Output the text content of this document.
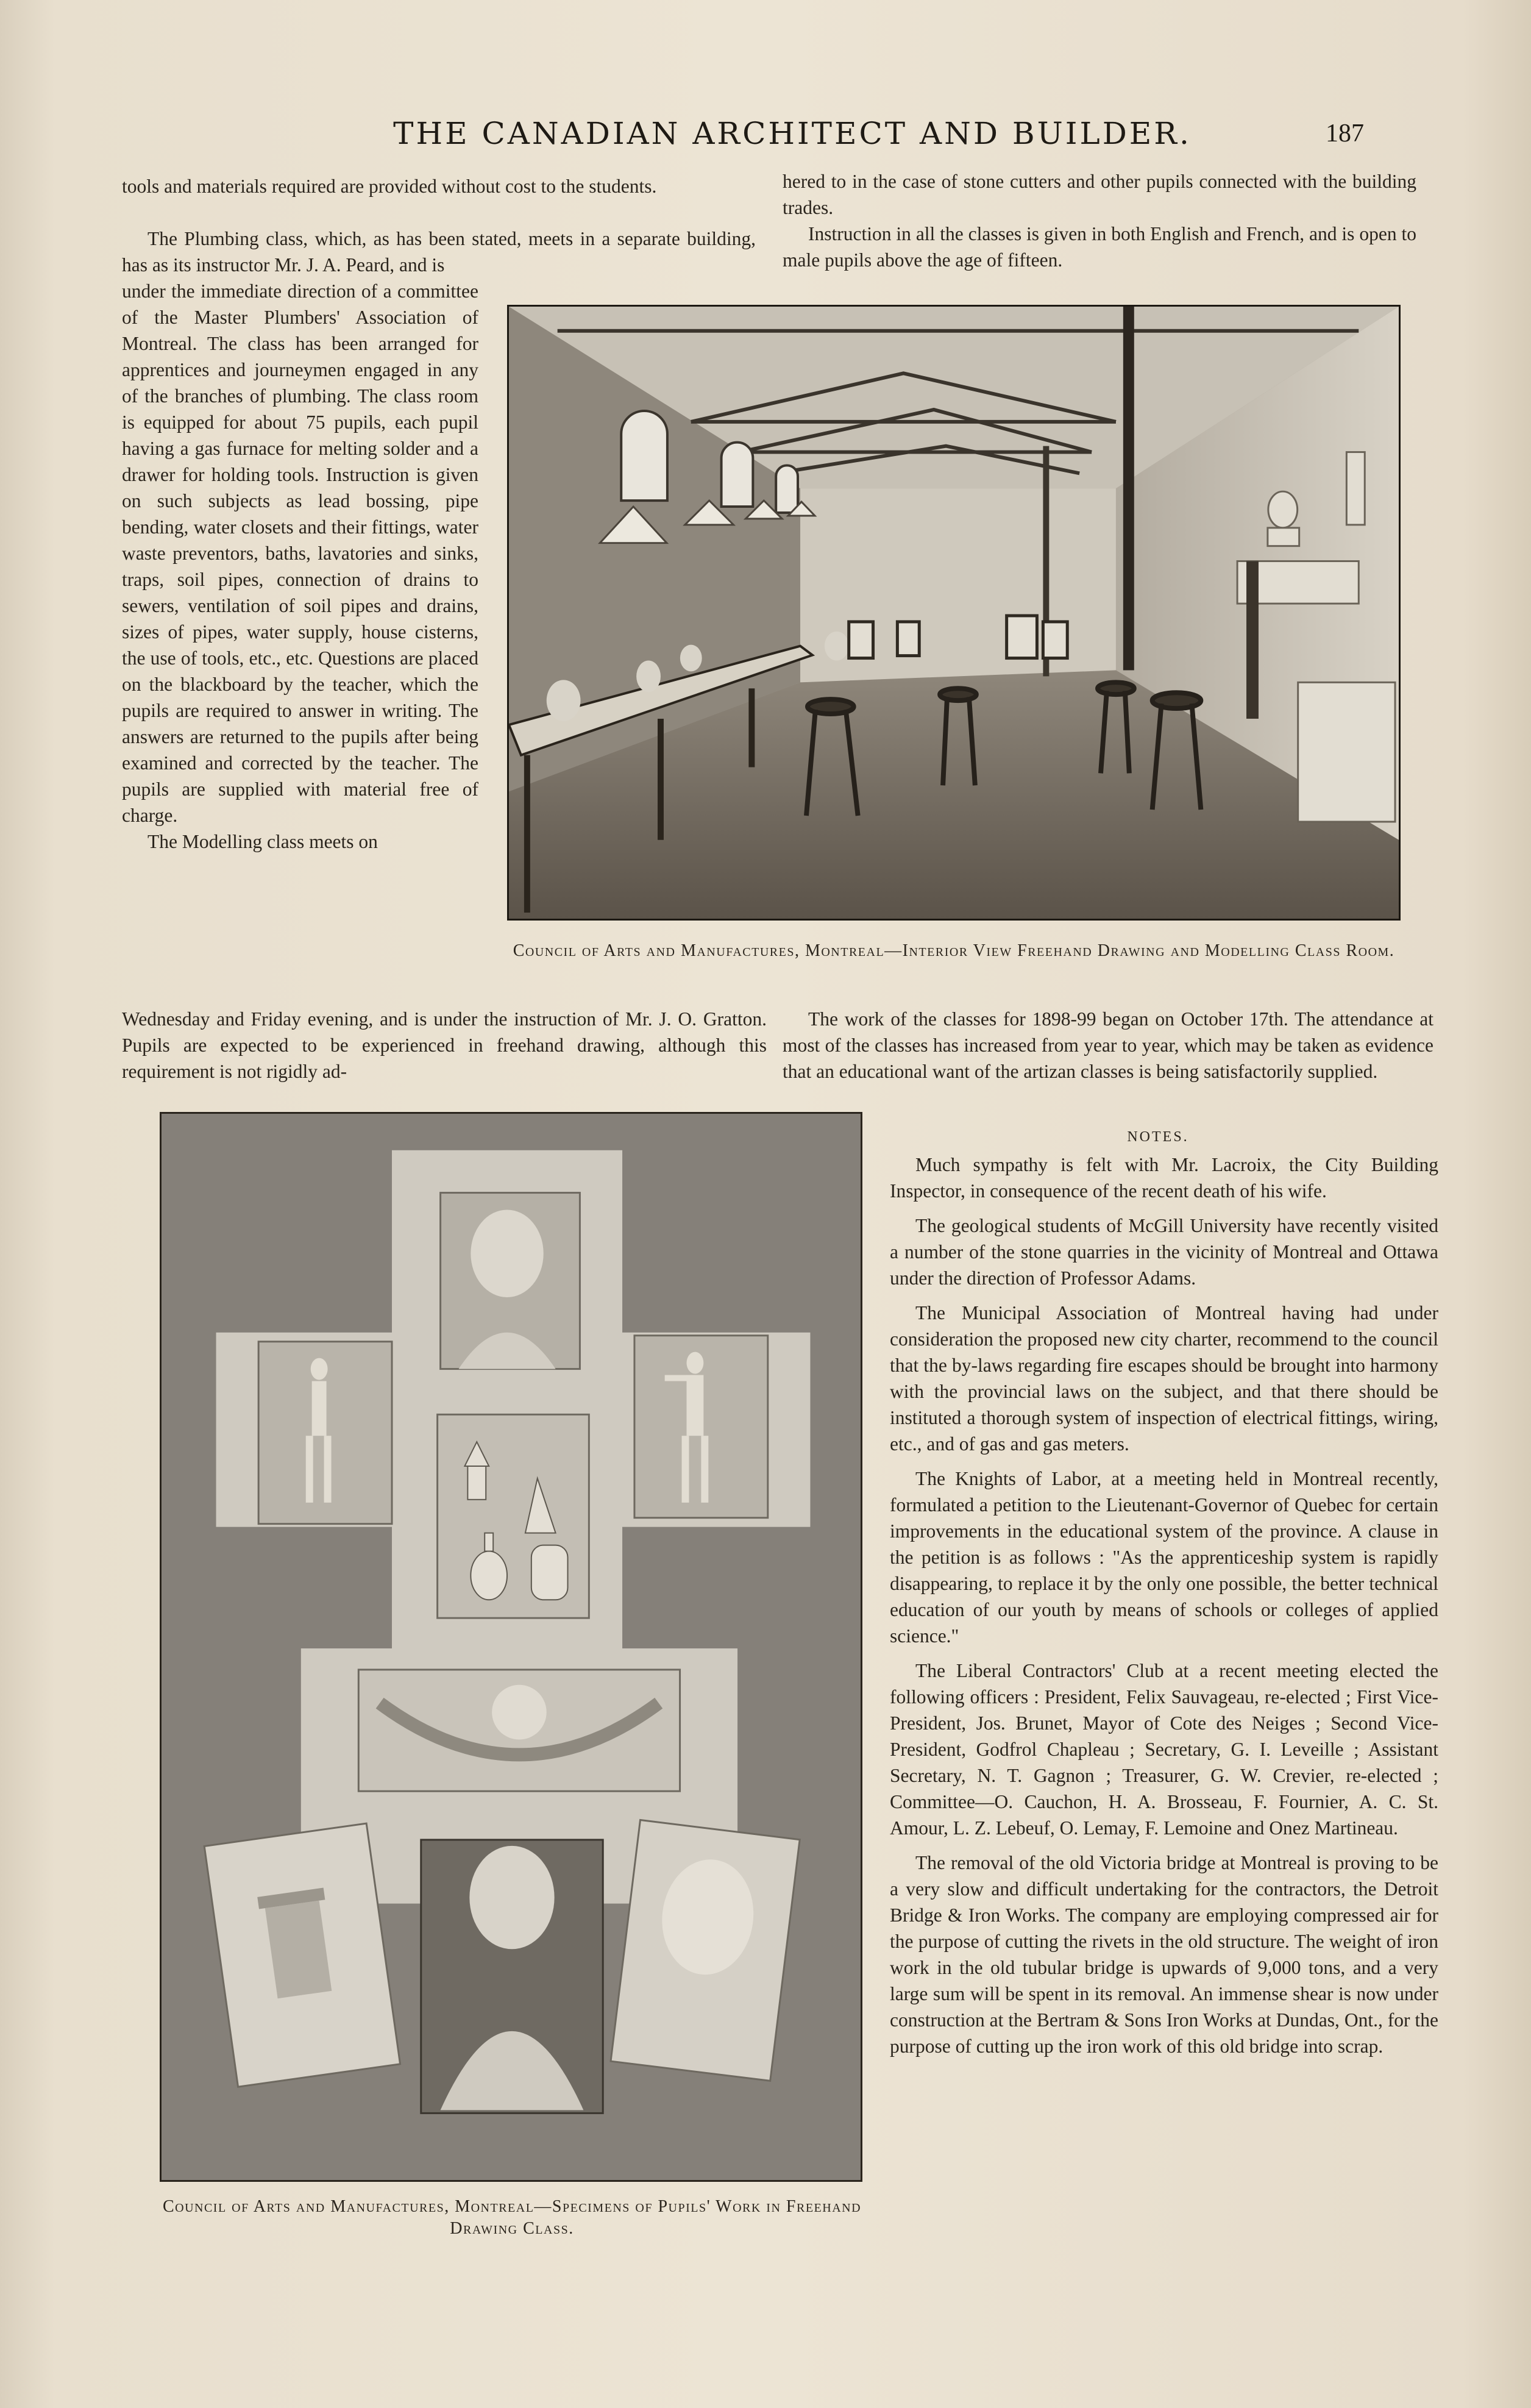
THE CANADIAN ARCHITECT AND BUILDER.	187

tools and materials required are provided without cost to the students.

The Plumbing class, which, as has been stated, meets in a separate building, has as its instructor Mr. J. A. Peard, and is

under the immediate direction of a committee of the Master Plumbers' Association of Montreal. The class has been arranged for apprentices and journeymen engaged in any of the branches of plumbing. The class room is equipped for about 75 pupils, each pupil having a gas furnace for melting solder and a drawer for holding tools. Instruction is given on such subjects as lead bossing, pipe bending, water closets and their fittings, water waste preventors, baths, lavatories and sinks, traps, soil pipes, connection of drains to sewers, ventilation of soil pipes and drains, sizes of pipes, water supply, house cisterns, the use of tools, etc., etc. Questions are placed on the blackboard by the teacher, which the pupils are required to answer in writing. The answers are returned to the pupils after being examined and corrected by the teacher. The pupils are supplied with material free of charge.

The Modelling class meets on

Wednesday and Friday evening, and is under the instruction of Mr. J. O. Gratton. Pupils are expected to be experienced in freehand drawing, although this requirement is not rigidly ad-

hered to in the case of stone cutters and other pupils connected with the building trades.

Instruction in all the classes is given in both English and French, and is open to male pupils above the age of fifteen.

Council of Arts and Manufactures, Montreal—Interior View Freehand Drawing and Modelling Class Room.

The work of the classes for 1898-99 began on October 17th. The attendance at most of the classes has increased from year to year, which may be taken as evidence that an educational want of the artizan classes is being satisfactorily supplied.

Council of Arts and Manufactures, Montreal—Specimens of Pupils' Work in Freehand Drawing Class.
NOTES.

Much sympathy is felt with Mr. Lacroix, the City Building Inspector, in consequence of the recent death of his wife.

The geological students of McGill University have recently visited a number of the stone quarries in the vicinity of Montreal and Ottawa under the direction of Professor Adams.

The Municipal Association of Montreal having had under consideration the proposed new city charter, recommend to the council that the by-laws regarding fire escapes should be brought into harmony with the provincial laws on the subject, and that there should be instituted a thorough system of inspection of electrical fittings, wiring, etc., and of gas and gas meters.

The Knights of Labor, at a meeting held in Montreal recently, formulated a petition to the Lieutenant-Governor of Quebec for certain improvements in the educational system of the province. A clause in the petition is as follows : "As the apprenticeship system is rapidly disappearing, to replace it by the only one possible, the better technical education of our youth by means of schools or colleges of applied science."

The Liberal Contractors' Club at a recent meeting elected the following officers : President, Felix Sauvageau, re-elected ; First Vice-President, Jos. Brunet, Mayor of Cote des Neiges ; Second Vice-President, Godfrol Chapleau ; Secretary, G. I. Leveille ; Assistant Secretary, N. T. Gagnon ; Treasurer, G. W. Crevier, re-elected ; Committee—O. Cauchon, H. A. Brosseau, F. Fournier, A. C. St. Amour, L. Z. Lebeuf, O. Lemay, F. Lemoine and Onez Martineau.

The removal of the old Victoria bridge at Montreal is proving to be a very slow and difficult undertaking for the contractors, the Detroit Bridge & Iron Works. The company are employing compressed air for the purpose of cutting the rivets in the old structure. The weight of iron work in the old tubular bridge is upwards of 9,000 tons, and a very large sum will be spent in its removal. An immense shear is now under construction at the Bertram & Sons Iron Works at Dundas, Ont., for the purpose of cutting up the iron work of this old bridge into scrap.
